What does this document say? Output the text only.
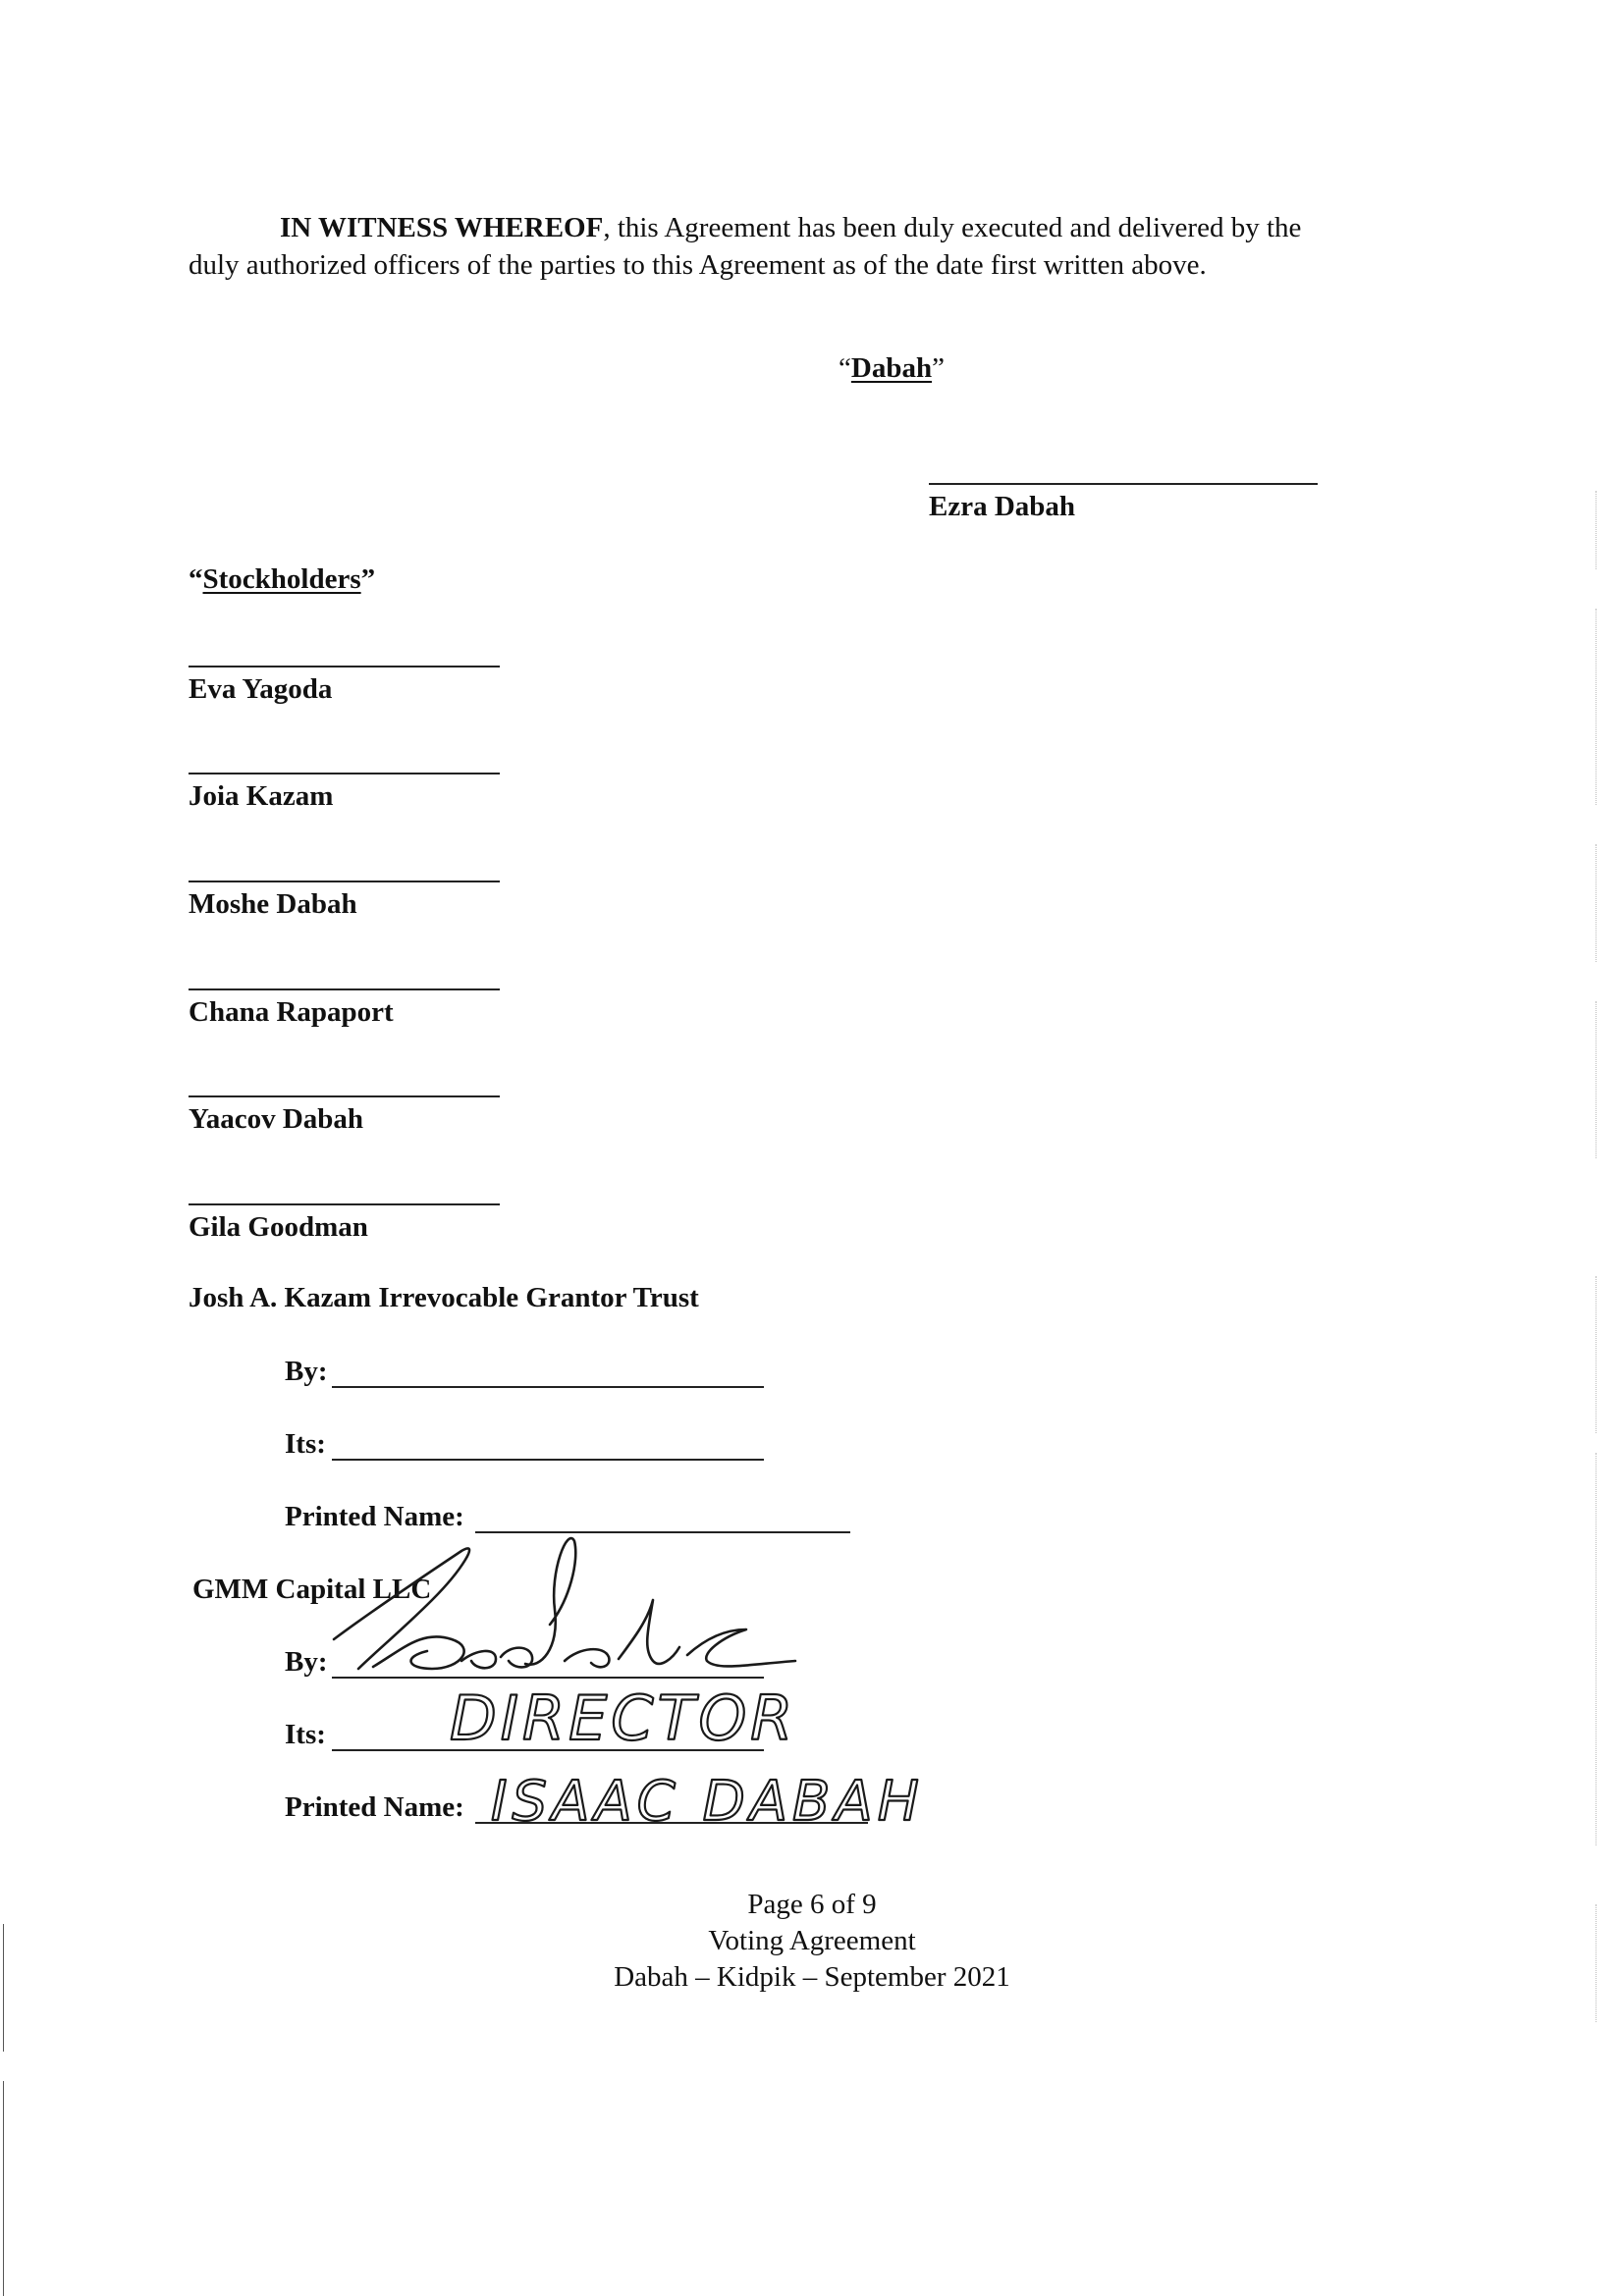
IN WITNESS WHEREOF, this Agreement has been duly executed and delivered by the
duly authorized officers of the parties to this Agreement as of the date first written above.
“Dabah”
Ezra Dabah
“Stockholders”
Eva Yagoda
Joia Kazam
Moshe Dabah
Chana Rapaport
Yaacov Dabah
Gila Goodman
Josh A. Kazam Irrevocable Grantor Trust
By:
Its:
Printed Name:
GMM Capital LLC
By:
Its:
Printed Name:
DIRECTOR
ISAAC DABAH
Page 6 of 9
Voting Agreement
Dabah – Kidpik – September 2021
